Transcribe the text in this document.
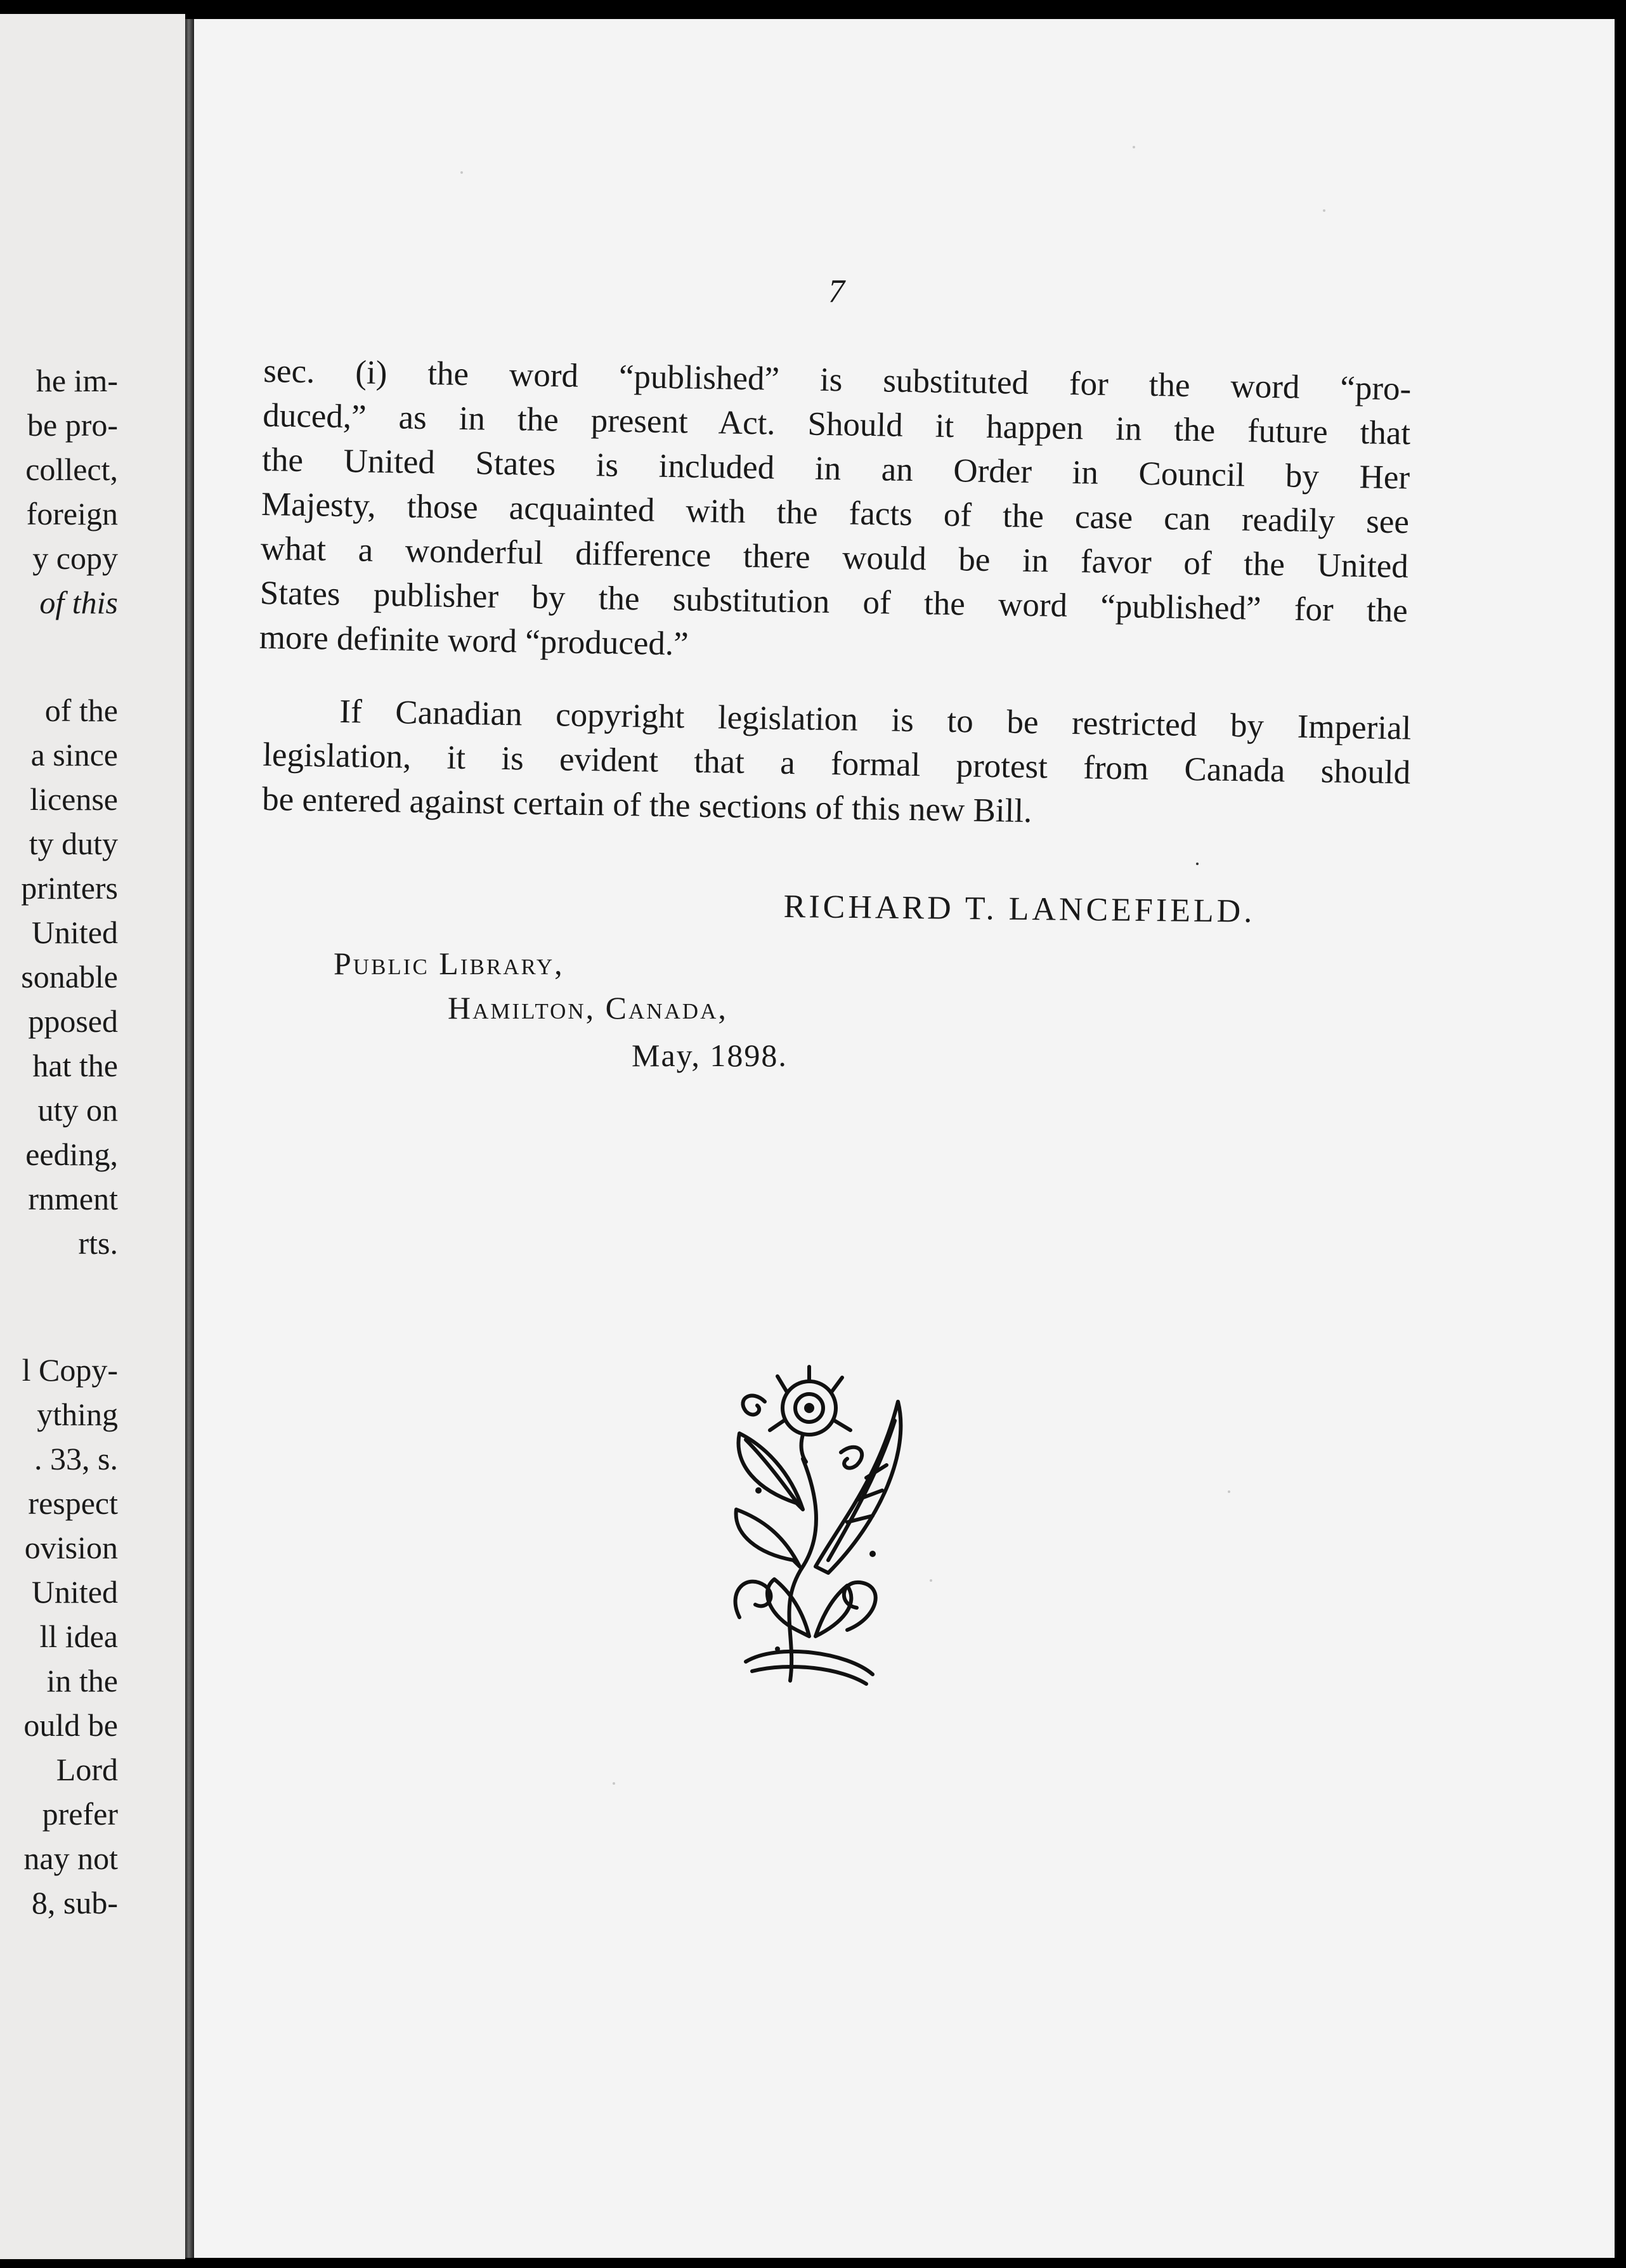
he im-
be pro-
collect,
foreign
y copy
of this
of the
a since
license
ty duty
printers
United
sonable
pposed
hat the
uty on
eeding,
rnment
rts.
l Copy-
ything
. 33, s.
respect
ovision
United
ll idea
in the
ould be
Lord
prefer
nay not
8, sub-
7
sec. (i) the word “published” is substituted for the word “pro-
duced,” as in the present Act. Should it happen in the future that
the United States is included in an Order in Council by Her
Majesty, those acquainted with the facts of the case can readily see
what a wonderful difference there would be in favor of the United
States publisher by the substitution of the word “published” for the
more definite word “produced.”
If Canadian copyright legislation is to be restricted by Imperial
legislation, it is evident that a formal protest from Canada should
be entered against certain of the sections of this new Bill.
RICHARD T. LANCEFIELD.
Public Library,
Hamilton, Canada,
May, 1898.
